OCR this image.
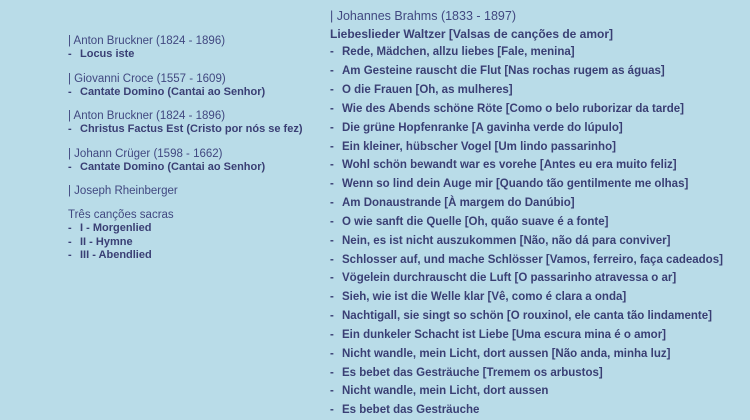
| Anton Bruckner (1824 - 1896)
- Locus iste
| Giovanni Croce (1557 - 1609)
- Cantate Domino (Cantai ao Senhor)
| Anton Bruckner (1824 - 1896)
- Christus Factus Est (Cristo por nós se fez)
| Johann Crüger (1598 - 1662)
- Cantate Domino (Cantai ao Senhor)
| Joseph Rheinberger
Três canções sacras
- I - Morgenlied
- II - Hymne
- III - Abendlied
| Johannes Brahms (1833 - 1897)
Liebeslieder Waltzer [Valsas de canções de amor]
- Rede, Mädchen, allzu liebes [Fale, menina]
- Am Gesteine rauscht die Flut [Nas rochas rugem as águas]
- O die Frauen [Oh, as mulheres]
- Wie des Abends schöne Röte [Como o belo ruborizar da tarde]
- Die grüne Hopfenranke [A gavinha verde do lúpulo]
- Ein kleiner, hübscher Vogel [Um lindo passarinho]
- Wohl schön bewandt war es vorehe [Antes eu era muito feliz]
- Wenn so lind dein Auge mir [Quando tão gentilmente me olhas]
- Am Donaustrande [À margem do Danúbio]
- O wie sanft die Quelle [Oh, quão suave é a fonte]
- Nein, es ist nicht auszukommen [Não, não dá para conviver]
- Schlosser auf, und mache Schlösser [Vamos, ferreiro, faça cadeados]
- Vögelein durchrauscht die Luft [O passarinho atravessa o ar]
- Sieh, wie ist die Welle klar [Vê, como é clara a onda]
- Nachtigall, sie singt so schön [O rouxinol, ele canta tão lindamente]
- Ein dunkeler Schacht ist Liebe [Uma escura mina é o amor]
- Nicht wandle, mein Licht, dort aussen [Não anda, minha luz]
- Es bebet das Gesträuche [Tremem os arbustos]
- Nicht wandle, mein Licht, dort aussen
- Es bebet das Gesträuche
